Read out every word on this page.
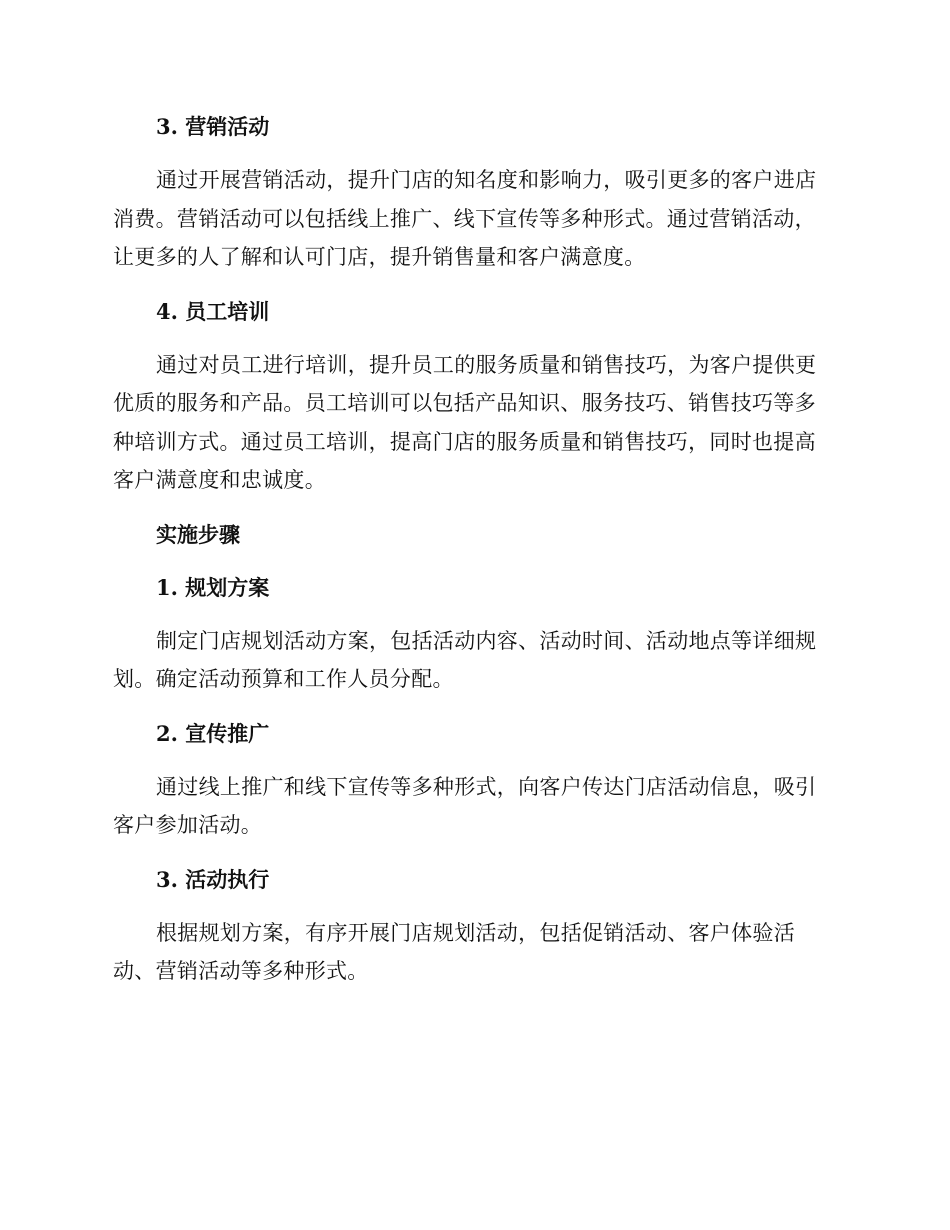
3. 营销活动

通过开展营销活动，提升门店的知名度和影响力，吸引更多的客户进店消费。营销活动可以包括线上推广、线下宣传等多种形式。通过营销活动，让更多的人了解和认可门店，提升销售量和客户满意度。

4. 员工培训

通过对员工进行培训，提升员工的服务质量和销售技巧，为客户提供更优质的服务和产品。员工培训可以包括产品知识、服务技巧、销售技巧等多种培训方式。通过员工培训，提高门店的服务质量和销售技巧，同时也提高客户满意度和忠诚度。

实施步骤
1. 规划方案

制定门店规划活动方案，包括活动内容、活动时间、活动地点等详细规划。确定活动预算和工作人员分配。

2. 宣传推广

通过线上推广和线下宣传等多种形式，向客户传达门店活动信息，吸引客户参加活动。

3. 活动执行

根据规划方案，有序开展门店规划活动，包括促销活动、客户体验活动、营销活动等多种形式。
